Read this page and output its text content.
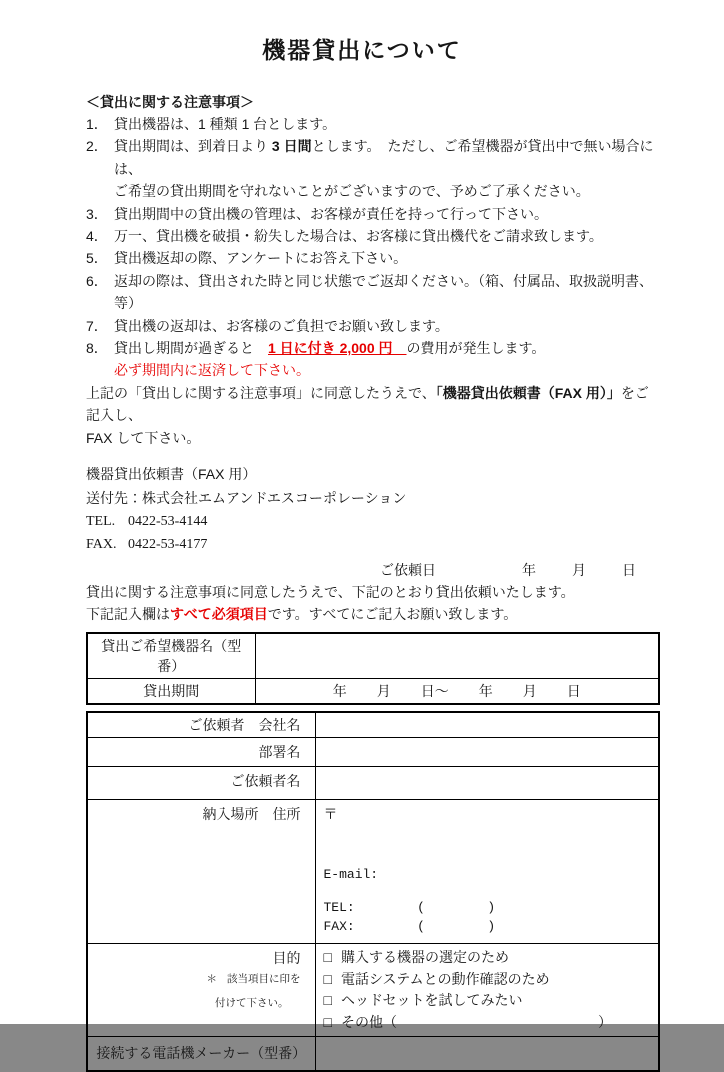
機器貸出について
＜貸出に関する注意事項＞
1． 貸出機器は、1 種類 1 台とします。
2． 貸出期間は、到着日より 3 日間とします。　ただし、ご希望機器が貸出中で無い場合には、
ご希望の貸出期間を守れないことがございますので、予めご了承ください。
3． 貸出期間中の貸出機の管理は、お客様が責任を持って行って下さい。
4． 万一、貸出機を破損・紛失した場合は、お客様に貸出機代をご請求致します。
5． 貸出機返却の際、アンケートにお答え下さい。
6． 返却の際は、貸出された時と同じ状態でご返却ください。（箱、付属品、取扱説明書、等）
7． 貸出機の返却は、お客様のご負担でお願い致します。
8． 貸出し期間が過ぎると　1 日に付き 2,000 円　の費用が発生します。
必ず期間内に返済して下さい。
上記の「貸出しに関する注意事項」に同意したうえで、「機器貸出依頼書（FAX 用）」をご記入し、
FAX して下さい。
機器貸出依頼書（FAX 用）
送付先：株式会社エムアンドエスコーポレーション
TEL. 0422-53-4144
FAX. 0422-53-4177
ご依頼日	年	月	日
貸出に関する注意事項に同意したうえで、下記のとおり貸出依頼いたします。
下記記入欄はすべて必須項目です。すべてにご記入お願い致します。
貸出ご希望機器名（型番）	
貸出期間	年 月 日～ 年 月 日
ご依頼者　会社名	
部署名	
ご依頼者名	
納入場所　住所	〒
E-mail:
TEL:        (        )
FAX:        (        )

目的
＊ 該当項目に印を
付けて下さい。

□ 購入する機器の選定のため
□ 電話システムとの動作確認のため
□ ヘッドセットを試してみたい
□ その他（	）

接続する電話機メーカー（型番）	
